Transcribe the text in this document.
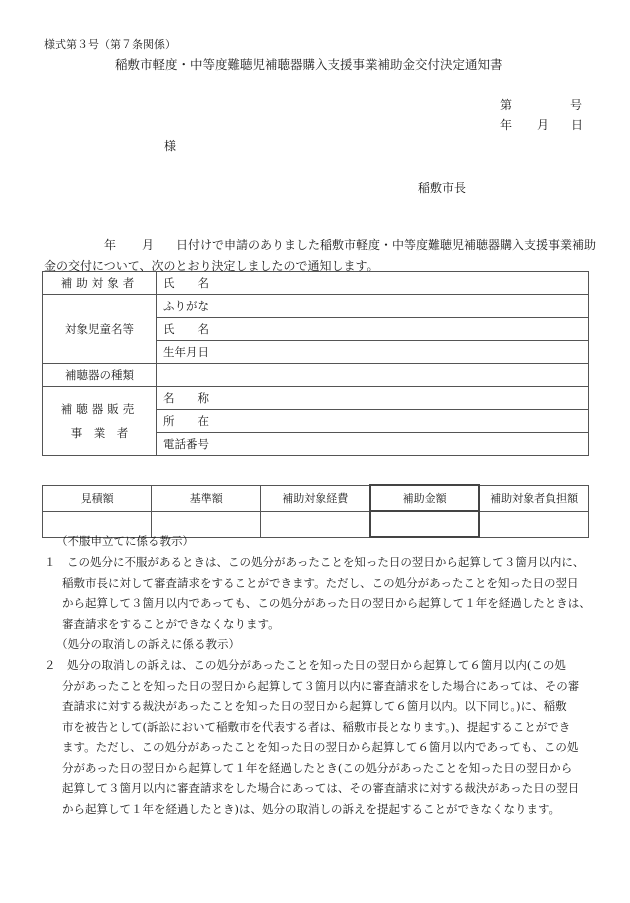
様式第３号（第７条関係）
稲敷市軽度・中等度難聴児補聴器購入支援事業補助金交付決定通知書
第	号
年 月 日
様
稲敷市長
年 月 日付けで申請のありました稲敷市軽度・中等度難聴児補聴器購入支援事業補助
金の交付について、次のとおり決定しましたので通知します。
補助対象者	氏　　名
対象児童名等	ふりがな
	氏　　名
	生年月日
補聴器の種類	

補聴器販売
事　業　者	名　　称
	所　　在
	電話番号
見積額	基準額	補助対象経費	補助金額	補助対象者負担額

（不服申立てに係る教示）
１　この処分に不服があるときは、この処分があったことを知った日の翌日から起算して３箇月以内に、
稲敷市長に対して審査請求をすることができます。ただし、この処分があったことを知った日の翌日
から起算して３箇月以内であっても、この処分があった日の翌日から起算して１年を経過したときは、
審査請求をすることができなくなります。
（処分の取消しの訴えに係る教示）
２　処分の取消しの訴えは、この処分があったことを知った日の翌日から起算して６箇月以内(この処
分があったことを知った日の翌日から起算して３箇月以内に審査請求をした場合にあっては、その審
査請求に対する裁決があったことを知った日の翌日から起算して６箇月以内。以下同じ。)に、稲敷
市を被告として(訴訟において稲敷市を代表する者は、稲敷市長となります。)、提起することができ
ます。ただし、この処分があったことを知った日の翌日から起算して６箇月以内であっても、この処
分があった日の翌日から起算して１年を経過したとき(この処分があったことを知った日の翌日から
起算して３箇月以内に審査請求をした場合にあっては、その審査請求に対する裁決があった日の翌日
から起算して１年を経過したとき)は、処分の取消しの訴えを提起することができなくなります。
